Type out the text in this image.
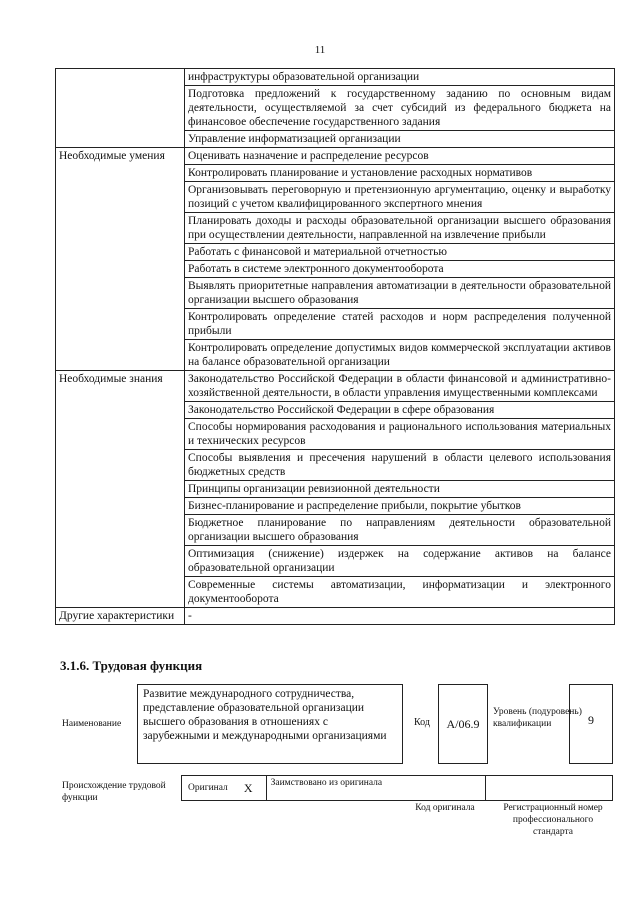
11
	инфраструктуры образовательной организации
	Подготовка предложений к государственному заданию по основным видам деятельности, осуществляемой за счет субсидий из федерального бюджета на финансовое обеспечение государственного задания
	Управление информатизацией организации
Необходимые умения	Оценивать назначение и распределение ресурсов
	Контролировать планирование и установление расходных нормативов
	Организовывать переговорную и претензионную аргументацию, оценку и выработку позиций с учетом квалифицированного экспертного мнения
	Планировать доходы и расходы образовательной организации высшего образования при осуществлении деятельности, направленной на извлечение прибыли
	Работать с финансовой и материальной отчетностью
	Работать в системе электронного документооборота
	Выявлять приоритетные направления автоматизации в деятельности образовательной организации высшего образования
	Контролировать определение статей расходов и норм распределения полученной прибыли
	Контролировать определение допустимых видов коммерческой эксплуатации активов на балансе образовательной организации
Необходимые знания	Законодательство Российской Федерации в области финансовой и административно-хозяйственной деятельности, в области управления имущественными комплексами
	Законодательство Российской Федерации в сфере образования
	Способы нормирования расходования и рационального использования материальных и технических ресурсов
	Способы выявления и пресечения нарушений в области целевого использования бюджетных средств
	Принципы организации ревизионной деятельности
	Бизнес-планирование и распределение прибыли, покрытие убытков
	Бюджетное планирование по направлениям деятельности образовательной организации высшего образования
	Оптимизация (снижение) издержек на содержание активов на балансе образовательной организации
	Современные системы автоматизации, информатизации и электронного документооборота
Другие характеристики	-
3.1.6. Трудовая функция
Наименование
Развитие международного сотрудничества, представление образовательной организации высшего образования в отношениях с зарубежными и международными организациями
Код	A/06.9
Уровень (подуровень) квалификации	9
Происхождение трудовой функции
Оригинал X	Заимствовано из оригинала
Код оригинала	Регистрационный номер профессионального стандарта
